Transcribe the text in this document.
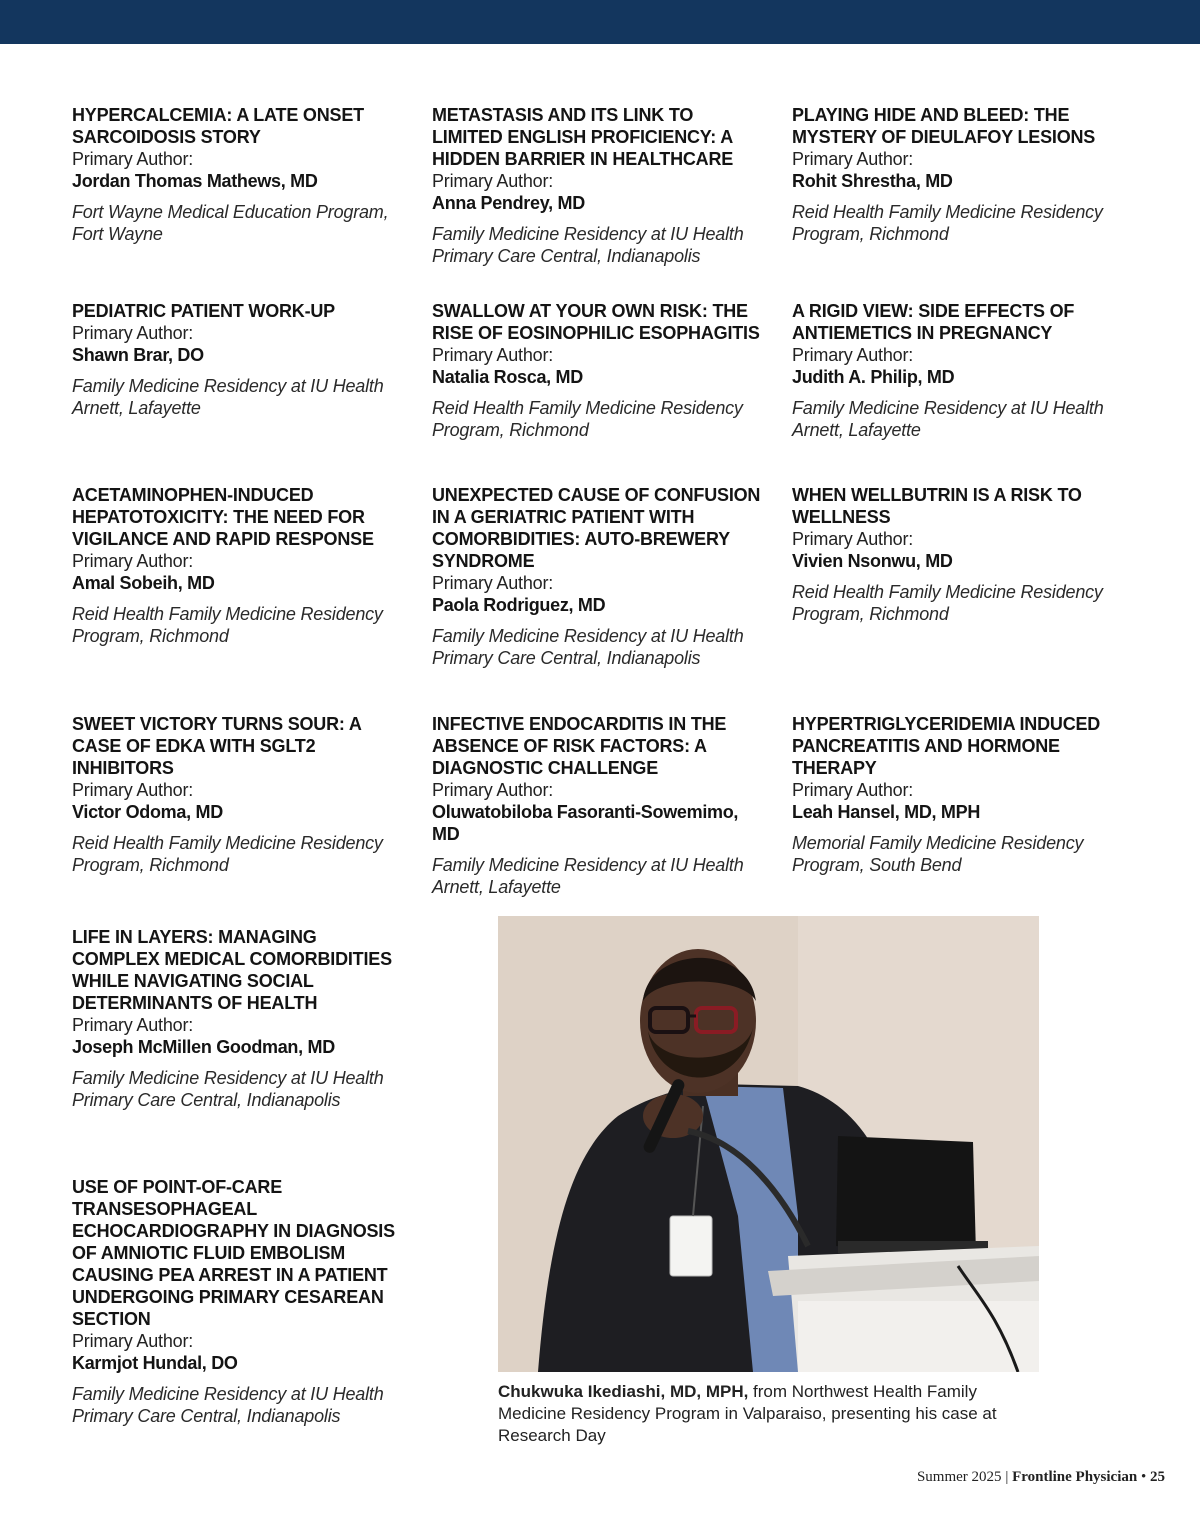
HYPERCALCEMIA: A LATE ONSET SARCOIDOSIS STORY
Primary Author:
Jordan Thomas Mathews, MD
Fort Wayne Medical Education Program, Fort Wayne
METASTASIS AND ITS LINK TO LIMITED ENGLISH PROFICIENCY: A HIDDEN BARRIER IN HEALTHCARE
Primary Author:
Anna Pendrey, MD
Family Medicine Residency at IU Health Primary Care Central, Indianapolis
PLAYING HIDE AND BLEED: THE MYSTERY OF DIEULAFOY LESIONS
Primary Author:
Rohit Shrestha, MD
Reid Health Family Medicine Residency Program, Richmond
PEDIATRIC PATIENT WORK-UP
Primary Author:
Shawn Brar, DO
Family Medicine Residency at IU Health Arnett, Lafayette
SWALLOW AT YOUR OWN RISK: THE RISE OF EOSINOPHILIC ESOPHAGITIS
Primary Author:
Natalia Rosca, MD
Reid Health Family Medicine Residency Program, Richmond
A RIGID VIEW: SIDE EFFECTS OF ANTIEMETICS IN PREGNANCY
Primary Author:
Judith A. Philip, MD
Family Medicine Residency at IU Health Arnett, Lafayette
ACETAMINOPHEN-INDUCED HEPATOTOXICITY: THE NEED FOR VIGILANCE AND RAPID RESPONSE
Primary Author:
Amal Sobeih, MD
Reid Health Family Medicine Residency Program, Richmond
UNEXPECTED CAUSE OF CONFUSION IN A GERIATRIC PATIENT WITH COMORBIDITIES: AUTO-BREWERY SYNDROME
Primary Author:
Paola Rodriguez, MD
Family Medicine Residency at IU Health Primary Care Central, Indianapolis
WHEN WELLBUTRIN IS A RISK TO WELLNESS
Primary Author:
Vivien Nsonwu, MD
Reid Health Family Medicine Residency Program, Richmond
SWEET VICTORY TURNS SOUR: A CASE OF EDKA WITH SGLT2 INHIBITORS
Primary Author:
Victor Odoma, MD
Reid Health Family Medicine Residency Program, Richmond
INFECTIVE ENDOCARDITIS IN THE ABSENCE OF RISK FACTORS: A DIAGNOSTIC CHALLENGE
Primary Author:
Oluwatobiloba Fasoranti-Sowemimo, MD
Family Medicine Residency at IU Health Arnett, Lafayette
HYPERTRIGLYCERIDEMIA INDUCED PANCREATITIS AND HORMONE THERAPY
Primary Author:
Leah Hansel, MD, MPH
Memorial Family Medicine Residency Program, South Bend
LIFE IN LAYERS: MANAGING COMPLEX MEDICAL COMORBIDITIES WHILE NAVIGATING SOCIAL DETERMINANTS OF HEALTH
Primary Author:
Joseph McMillen Goodman, MD
Family Medicine Residency at IU Health Primary Care Central, Indianapolis
USE OF POINT-OF-CARE TRANSESOPHAGEAL ECHOCARDIOGRAPHY IN DIAGNOSIS OF AMNIOTIC FLUID EMBOLISM CAUSING PEA ARREST IN A PATIENT UNDERGOING PRIMARY CESAREAN SECTION
Primary Author:
Karmjot Hundal, DO
Family Medicine Residency at IU Health Primary Care Central, Indianapolis
Chukwuka Ikediashi, MD, MPH, from Northwest Health Family Medicine Residency Program in Valparaiso, presenting his case at Research Day
Summer 2025 | Frontline Physician • 25
